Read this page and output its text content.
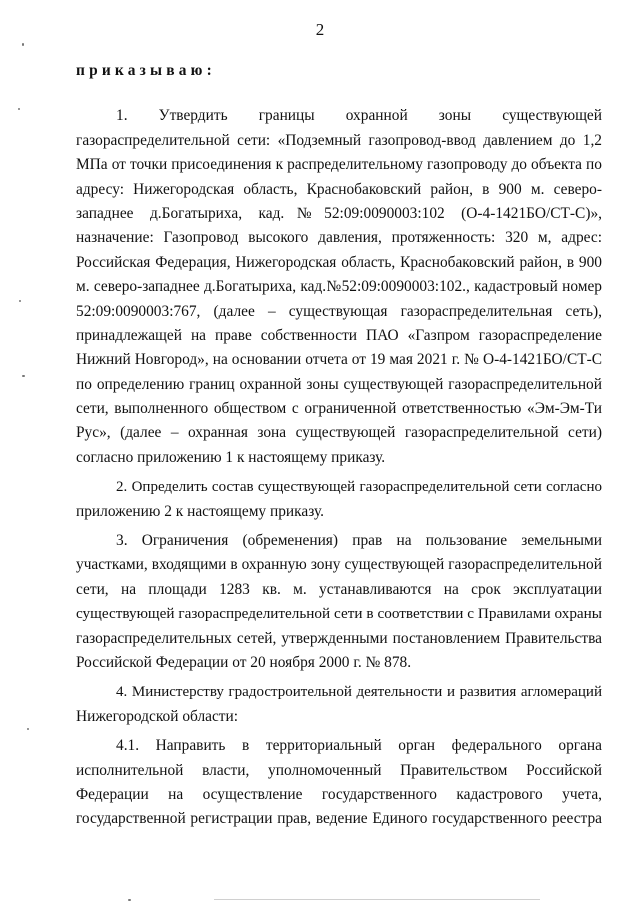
2
приказываю:
1. Утвердить границы охранной зоны существующей
газораспределительной сети: «Подземный газопровод-ввод давлением до 1,2
МПа от точки присоединения к распределительному газопроводу до объекта по
адресу: Нижегородская область, Краснобаковский район, в 900 м. северо-
западнее д.Богатыриха, кад.№52:09:0090003:102 (О-4-1421БО/СТ-С)»,
назначение: Газопровод высокого давления, протяженность: 320 м, адрес:
Российская Федерация, Нижегородская область, Краснобаковский район, в 900
м. северо-западнее д.Богатыриха, кад.№52:09:0090003:102., кадастровый номер
52:09:0090003:767, (далее – существующая газораспределительная сеть),
принадлежащей на праве собственности ПАО «Газпром газораспределение
Нижний Новгород», на основании отчета от 19 мая 2021 г. № О-4-1421БО/СТ-С
по определению границ охранной зоны существующей газораспределительной
сети, выполненного обществом с ограниченной ответственностью «Эм-Эм-Ти
Рус», (далее – охранная зона существующей газораспределительной сети)
согласно приложению 1 к настоящему приказу.
2. Определить состав существующей газораспределительной сети согласно
приложению 2 к настоящему приказу.
3. Ограничения (обременения) прав на пользование земельными
участками, входящими в охранную зону существующей газораспределительной
сети, на площади 1283 кв. м. устанавливаются на срок эксплуатации
существующей газораспределительной сети в соответствии с Правилами охраны
газораспределительных сетей, утвержденными постановлением Правительства
Российской Федерации от 20 ноября 2000 г. № 878.
4. Министерству градостроительной деятельности и развития агломераций
Нижегородской области:
4.1. Направить в территориальный орган федерального органа
исполнительной власти, уполномоченный Правительством Российской
Федерации на осуществление государственного кадастрового учета,
государственной регистрации прав, ведение Единого государственного реестра
